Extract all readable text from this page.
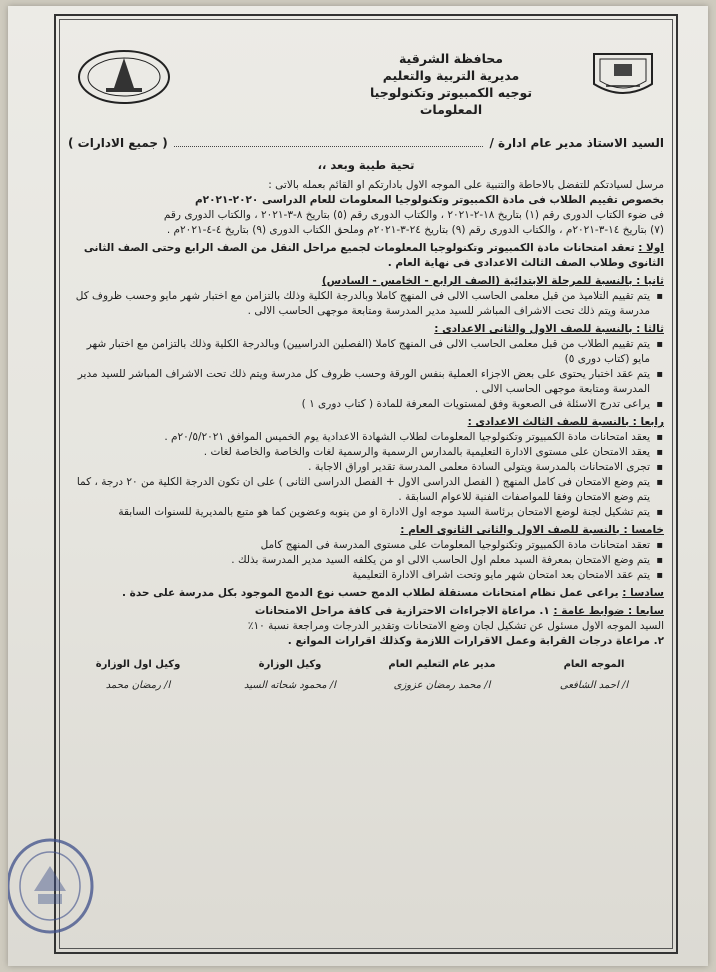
محافظة الشرقية
مديرية التربية والتعليم
توجيه الكمبيوتر وتكنولوجيا المعلومات
السيد الاستاذ مدير عام ادارة /
( جميع الادارات )
تحية طيبة وبعد ،،

مرسل لسيادتكم للتفضل بالاحاطة والتنبية على الموجه الاول بادارتكم او القائم بعمله بالاتى :

بخصوص تقييم الطلاب فى مادة الكمبيوتر وتكنولوجيا المعلومات للعام الدراسى ٢٠٢٠-٢٠٢١م

فى ضوء الكتاب الدورى رقم (١) بتاريخ ١٨-٢-٢٠٢١ ، والكتاب الدورى رقم (٥) بتاريخ ٨-٣-٢٠٢١ ، والكتاب الدورى رقم

(٧) بتاريخ ١٤-٣-٢٠٢١م ، والكتاب الدورى رقم (٩) بتاريخ ٢٤-٣-٢٠٢١م وملحق الكتاب الدورى (٩) بتاريخ ٤-٤-٢٠٢١م .

اولا : تعقد امتحانات مادة الكمبيوتر وتكنولوجيا المعلومات لجميع مراحل النقل من الصف الرابع وحتى الصف الثانى الثانوى وطلاب الصف الثالث الاعدادى فى نهاية العام .
ثانيا : بالنسبة للمرحلة الابتدائية (الصف الرابع - الخامس - السادس)
▪ يتم تقييم التلاميذ من قبل معلمى الحاسب الالى فى المنهج كاملا وبالدرجة الكلية وذلك بالتزامن مع اختبار شهر مايو وحسب ظروف كل مدرسة ويتم ذلك تحت الاشراف المباشر للسيد مدير المدرسة ومتابعة موجهى الحاسب الالى .
ثالثا : بالنسبة للصف الاول والثانى الاعدادى :
▪ يتم تقييم الطلاب من قبل معلمى الحاسب الالى فى المنهج كاملا (الفصلين الدراسيين) وبالدرجة الكلية وذلك بالتزامن مع اختبار شهر مايو (كتاب دورى ٥)
▪ يتم عقد اختبار يحتوى على بعض الاجزاء العملية بنفس الورقة وحسب ظروف كل مدرسة ويتم ذلك تحت الاشراف المباشر للسيد مدير المدرسة ومتابعة موجهى الحاسب الالى .
▪ يراعى تدرج الاسئلة فى الصعوبة وفق لمستويات المعرفة للمادة ( كتاب دورى ١ )
رابعا : بالنسبة للصف الثالث الاعدادى :
▪ يعقد امتحانات مادة الكمبيوتر وتكنولوجيا المعلومات لطلاب الشهادة الاعدادية يوم الخميس الموافق ٢٠/٥/٢٠٢١م .
▪ يعقد الامتحان على مستوى الادارة التعليمية بالمدارس الرسمية والرسمية لغات والخاصة والخاصة لغات .
▪ تجرى الامتحانات بالمدرسة ويتولى السادة معلمى المدرسة تقدير اوراق الاجابة .
▪ يتم وضع الامتحان فى كامل المنهج ( الفصل الدراسى الاول + الفصل الدراسى الثانى ) على ان تكون الدرجة الكلية من ٢٠ درجة ، كما يتم وضع الامتحان وفقا للمواصفات الفنية للاعوام السابقة .
▪ يتم تشكيل لجنة لوضع الامتحان برئاسة السيد موجه اول الادارة او من ينوبه وعضوين كما هو متبع بالمديرية للسنوات السابقة
خامسا : بالنسبة للصف الاول والثانى الثانوى العام :
▪ تعقد امتحانات مادة الكمبيوتر وتكنولوجيا المعلومات على مستوى المدرسة فى المنهج كامل
▪ يتم وضع الامتحان بمعرفة السيد معلم اول الحاسب الالى او من يكلفه السيد مدير المدرسة بذلك .
▪ يتم عقد الامتحان بعد امتحان شهر مايو وتحت اشراف الادارة التعليمية
سادسا : يراعى عمل نظام امتحانات مستقلة لطلاب الدمج حسب نوع الدمج الموجود بكل مدرسة على حدة .
سابعا : ضوابط عامة : ١. مراعاة الاجراءات الاحترازية فى كافة مراحل الامتحانات

السيد الموجه الاول مسئول عن تشكيل لجان وضع الامتحانات وتقدير الدرجات ومراجعة نسبة ١٠٪

٢. مراعاة درجات القرابة وعمل الاقرارات اللازمة وكذلك اقرارات الموانع .

الموجه العام
ا/ احمد الشافعى
مدير عام التعليم العام
ا/ محمد رمضان عزوزى
وكيل الوزارة
ا/ محمود شحاته السيد
وكيل اول الوزارة
ا/ رمضان محمد
